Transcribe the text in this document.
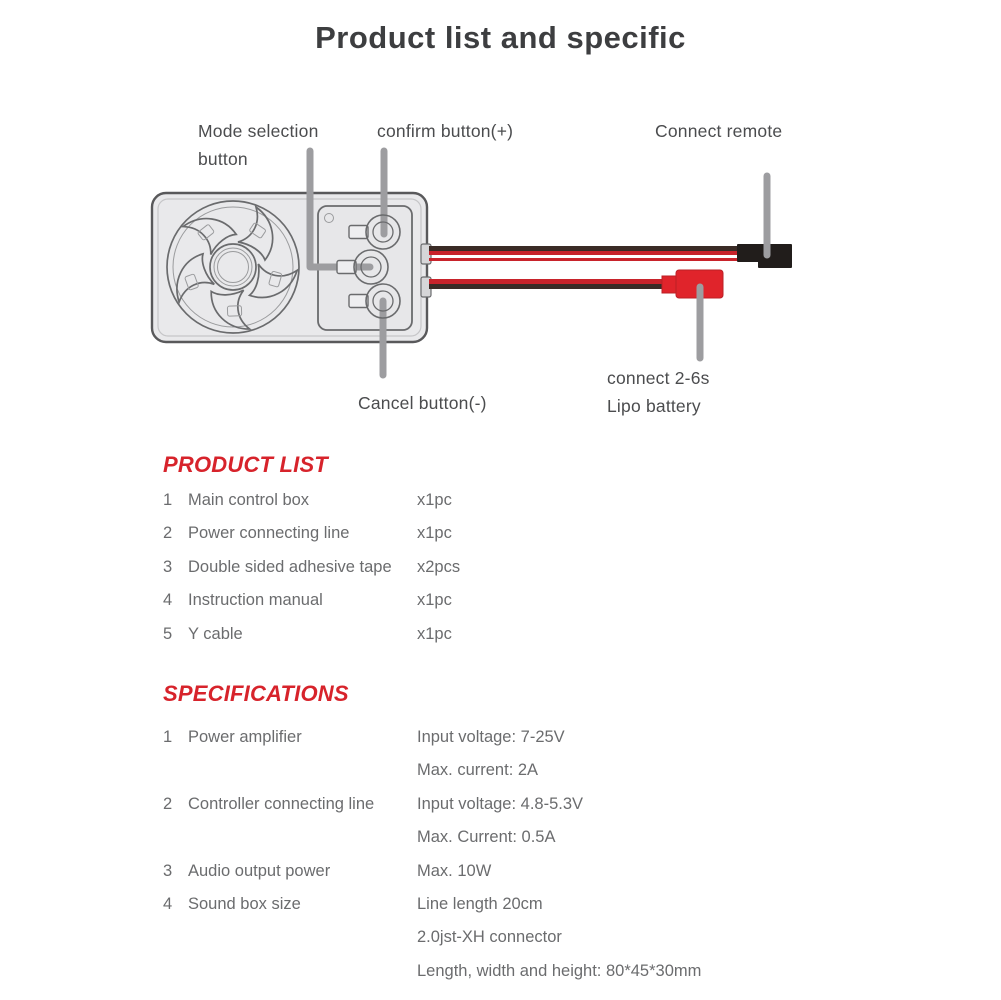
Product list and specific
Mode selection button
confirm button(+)	Connect remote
Cancel button(-)
connect 2-6s Lipo battery
PRODUCT LIST
1 Main control box	x1pc
2 Power connecting line	x1pc
3 Double sided adhesive tape	x2pcs
4 Instruction manual	x1pc
5 Y cable	x1pc
SPECIFICATIONS
1 Power amplifier	Input voltage: 7-25V
Max. current: 2A
2 Controller connecting line	Input voltage: 4.8-5.3V
Max. Current: 0.5A
3 Audio output power	Max. 10W
4 Sound box size	Line length 20cm
2.0jst-XH connector
Length, width and height: 80*45*30mm
